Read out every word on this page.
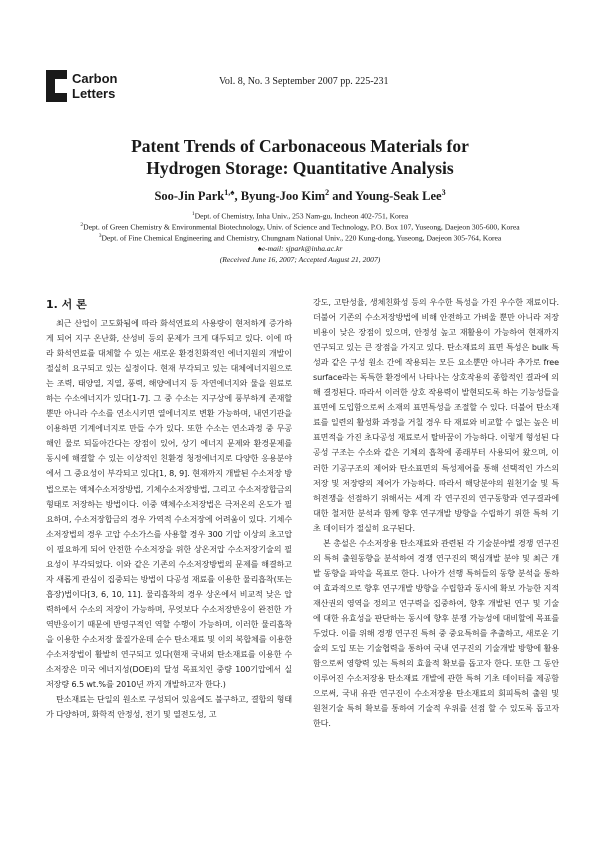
Carbon
Letters
Vol. 8, No. 3 September 2007 pp. 225-231
Patent Trends of Carbonaceous Materials for
Hydrogen Storage: Quantitative Analysis
Soo-Jin Park$^{1,♠}$, Byung-Joo Kim$^2$ and Young-Seak Lee$^3$
$^1$Dept. of Chemistry, Inha Univ., 253 Nam-gu, Incheon 402-751, Korea
$^2$Dept. of Green Chemistry & Environmental Biotechnology, Univ. of Science and Technology, P.O. Box 107, Yuseong, Daejeon 305-600, Korea
$^3$Dept. of Fine Chemical Engineering and Chemistry, Chungnam National Univ., 220 Kung-dong, Yuseong, Daejeon 305-764, Korea
♠e-mail: sjpark@inha.ac.kr
(Received June 16, 2007; Accepted August 21, 2007)
1. 서 론

최근 산업이 고도화됨에 따라 화석연료의 사용량이 현저하게 증가하게 되어 지구 온난화, 산성비 등의 문제가 크게 대두되고 있다. 이에 따라 화석연료를 대체할 수 있는 새로운 환경친화적인 에너지원의 개발이 절실히 요구되고 있는 실정이다. 현재 부각되고 있는 대체에너지원으로는 조력, 태양열, 지열, 풍력, 해양에너지 등 자연에너지와 물을 원료로 하는 수소에너지가 있다[1-7]. 그 중 수소는 지구상에 풍부하게 존재할 뿐만 아니라 수소를 연소시키면 열에너지로 변환 가능하며, 내연기관을 이용하면 기계에너지로 만들 수가 있다. 또한 수소는 연소과정 중 무공해인 물로 되돌아간다는 장점이 있어, 상기 에너지 문제와 환경문제를 동시에 해결할 수 있는 이상적인 친환경 청정에너지로 다양한 응용분야에서 그 중요성이 부각되고 있다[1, 8, 9]. 현재까지 개발된 수소저장 방법으로는 액체수소저장방법, 기체수소저장방법, 그리고 수소저장합금의 형태로 저장하는 방법이다. 이중 액체수소저장법은 극저온의 온도가 필요하며, 수소저장합금의 경우 가역적 수소저장에 어려움이 있다. 기체수소저장법의 경우 고압 수소가스를 사용할 경우 300 기압 이상의 초고압이 필요하게 되어 안전한 수소저장을 위한 상온저압 수소저장기술의 필요성이 부각되었다. 이와 같은 기존의 수소저장방법의 문제를 해결하고자 새롭게 관심이 집중되는 방법이 다공성 재료를 이용한 물리흡착(또는 흡장)법이다[3, 6, 10, 11]. 물리흡착의 경우 상온에서 비교적 낮은 압력하에서 수소의 저장이 가능하며, 무엇보다 수소저장반응이 완전한 가역반응이기 때문에 반영구적인 역할 수행이 가능하며, 이러한 물리흡착을 이용한 수소저장 물질가운데 순수 탄소재료 및 이의 복합체를 이용한 수소저장법이 활발히 연구되고 있다(현재 국내외 탄소재료를 이용한 수소저장은 미국 에너지성(DOE)의 달성 목표치인 중량 100기압에서 실 저장량 6.5 wt.%를 2010년 까지 개발하고자 한다.)

탄소재료는 단일의 원소로 구성되어 있음에도 불구하고, 결합의 형태가 다양하며, 화학적 안정성, 전기 및 열전도성, 고

강도, 고탄성율, 생체친화성 등의 우수한 특성을 가진 우수한 재료이다. 더불어 기존의 수소저장방법에 비해 안전하고 가벼울 뿐만 아니라 저장비용이 낮은 장점이 있으며, 안정성 높고 재활용이 가능하여 현재까지 연구되고 있는 큰 장점을 가지고 있다. 탄소재료의 표면 특성은 bulk 특성과 같은 구성 원소 간에 작용되는 모든 요소뿐만 아니라 추가로 free surface라는 독특한 환경에서 나타나는 상호작용의 종합적인 결과에 의해 결정된다. 따라서 이러한 상호 작용력이 발현되도록 하는 기능성들을 표면에 도입함으로써 소재의 표면특성을 조절할 수 있다. 더불어 탄소재료를 일련의 활성화 과정을 거칠 경우 타 재료와 비교할 수 없는 높은 비표면적을 가진 초다공성 재료로서 탈바꿈이 가능하다. 이렇게 형성된 다공성 구조는 수소와 같은 기체의 흡착에 종래부터 사용되어 왔으며, 이러한 기공구조의 제어와 탄소표면의 특성제어를 통해 선택적인 가스의 저장 및 저장량의 제어가 가능하다. 따라서 해당분야의 원천기술 및 특허전쟁을 선점하기 위해서는 세계 각 연구진의 연구동향과 연구결과에 대한 철저한 분석과 함께 향후 연구개발 방향을 수립하기 위한 특허 기초 데이터가 절실히 요구된다.

본 총설은 수소저장용 탄소재료와 관련된 각 기술분야별 경쟁 연구진의 특허 출원동향을 분석하여 경쟁 연구진의 핵심개발 분야 및 최근 개발 동향을 파악을 목표로 한다. 나아가 선행 특허들의 동향 분석을 통하여 효과적으로 향후 연구개발 방향을 수립함과 동시에 확보 가능한 지적재산권의 영역을 정의고 연구력을 집중하여, 향후 개발된 연구 및 기술에 대한 유효성을 판단하는 동시에 향후 분쟁 가능성에 대비할에 목표를 두었다. 이를 위해 경쟁 연구진 특허 중 중요특허를 추출하고, 새로운 기술의 도입 또는 기술협력을 통하여 국내 연구진의 기술개발 방향에 활용함으로써 영향력 있는 특허의 효율적 확보를 돕고자 한다. 또한 그 동안 이루어진 수소저장용 탄소재료 개발에 관한 특허 기초 데이터를 제공함으로써, 국내 유관 연구진이 수소저장용 탄소재료의 회피특허 출원 및 원천기술 특허 확보를 통하여 기술적 우위를 선점 할 수 있도록 돕고자 한다.
